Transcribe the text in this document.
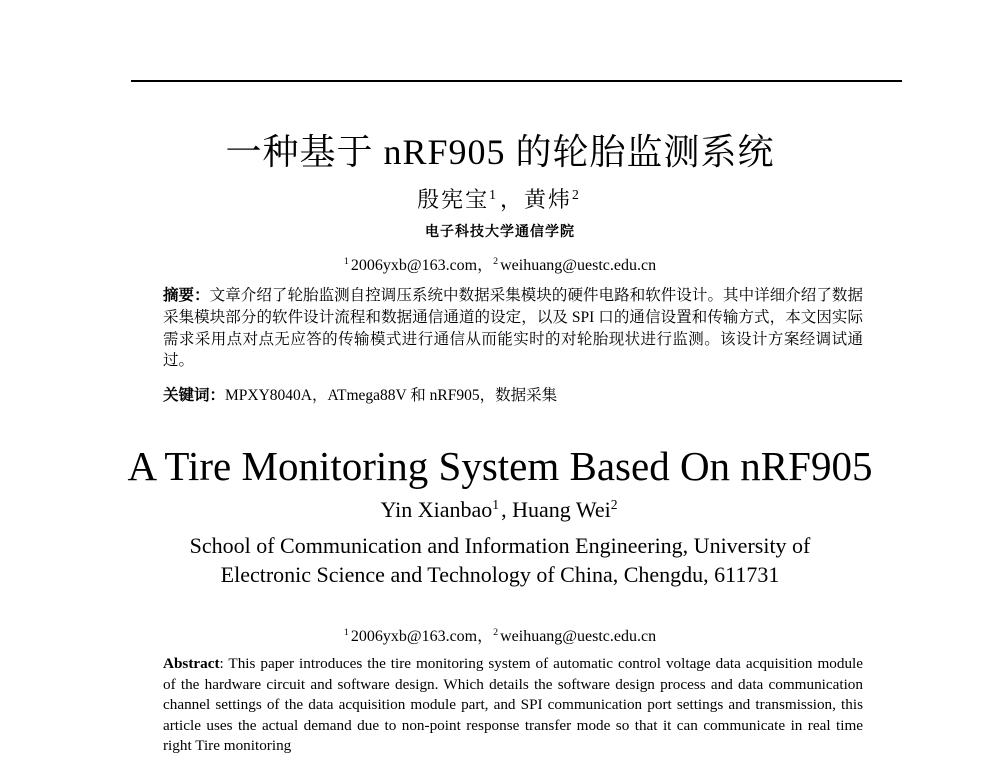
一种基于 nRF905 的轮胎监测系统
殷宪宝$^1$，黄炜$^2$
电子科技大学通信学院
$^1$ 2006yxb@163.com，$^2$ weihuang@uestc.edu.cn
摘要：文章介绍了轮胎监测自控调压系统中数据采集模块的硬件电路和软件设计。其中详细介绍了数据采集模块部分的软件设计流程和数据通信通道的设定，以及 SPI 口的通信设置和传输方式，本文因实际需求采用点对点无应答的传输模式进行通信从而能实时的对轮胎现状进行监测。该设计方案经调试通过。
关键词：MPXY8040A，ATmega88V 和 nRF905，数据采集
A Tire Monitoring System Based On nRF905
Yin Xianbao$^1$, Huang Wei$^2$
School of Communication and Information Engineering, University of
Electronic Science and Technology of China, Chengdu, 611731
$^1$ 2006yxb@163.com，$^2$ weihuang@uestc.edu.cn
Abstract: This paper introduces the tire monitoring system of automatic control voltage data acquisition module of the hardware circuit and software design. Which details the software design process and data communication channel settings of the data acquisition module part, and SPI communication port settings and transmission, this article uses the actual demand due to non-point response transfer mode so that it can communicate in real time right Tire monitoring
